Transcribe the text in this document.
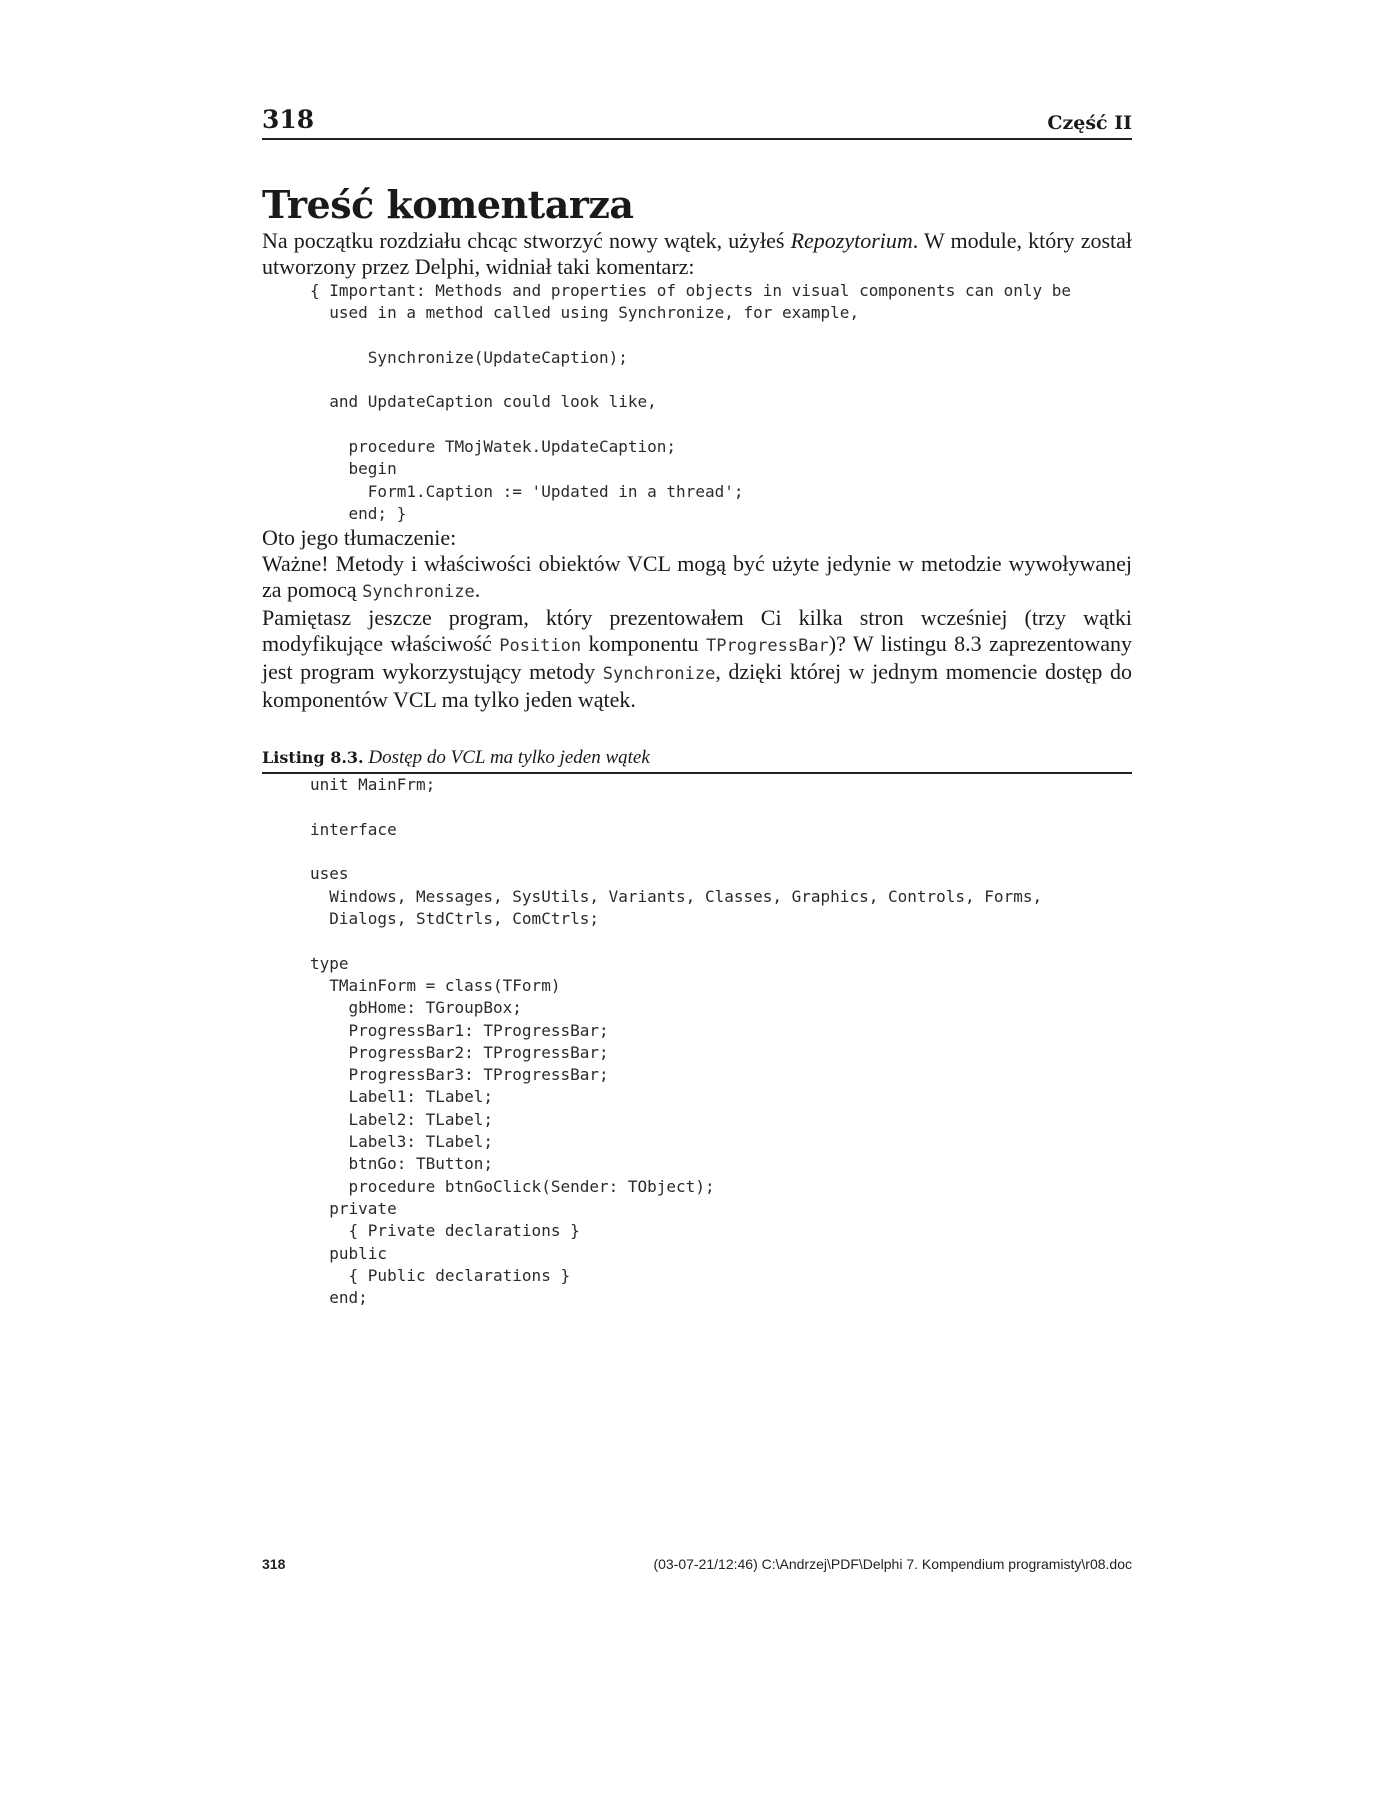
318	Część II
Treść komentarza

Na początku rozdziału chcąc stworzyć nowy wątek, użyłeś Repozytorium. W module, który został utworzony przez Delphi, widniał taki komentarz:

{ Important: Methods and properties of objects in visual components can only be
used in a method called using Synchronize, for example,

Synchronize(UpdateCaption);

and UpdateCaption could look like,

procedure TMojWatek.UpdateCaption;
begin
Form1.Caption := 'Updated in a thread';
end; }

Oto jego tłumaczenie:

Ważne! Metody i właściwości obiektów VCL mogą być użyte jedynie w metodzie wywoływanej za pomocą Synchronize.

Pamiętasz jeszcze program, który prezentowałem Ci kilka stron wcześniej (trzy wątki modyfikujące właściwość Position komponentu TProgressBar)? W listingu 8.3 zaprezentowany jest program wykorzystujący metody Synchronize, dzięki której w jednym momencie dostęp do komponentów VCL ma tylko jeden wątek.

Listing 8.3. Dostęp do VCL ma tylko jeden wątek
unit MainFrm;

interface

uses
Windows, Messages, SysUtils, Variants, Classes, Graphics, Controls, Forms,
Dialogs, StdCtrls, ComCtrls;

type
TMainForm = class(TForm)
gbHome: TGroupBox;
ProgressBar1: TProgressBar;
ProgressBar2: TProgressBar;
ProgressBar3: TProgressBar;
Label1: TLabel;
Label2: TLabel;
Label3: TLabel;
btnGo: TButton;
procedure btnGoClick(Sender: TObject);
private
{ Private declarations }
public
{ Public declarations }
end;
318	(03-07-21/12:46) C:\Andrzej\PDF\Delphi 7. Kompendium programisty\r08.doc
